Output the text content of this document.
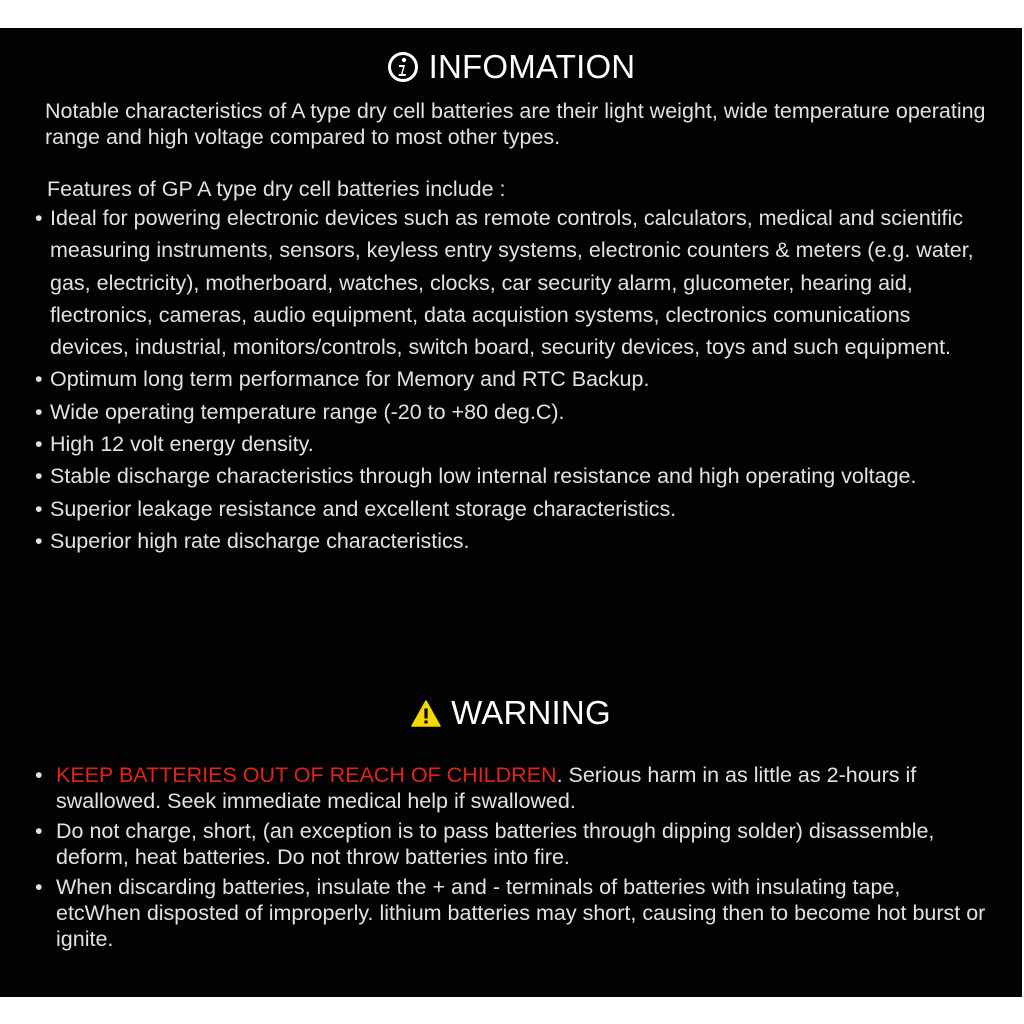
INFOMATION
Notable characteristics of A type dry cell batteries are their light weight, wide temperature operating range and high voltage compared to most other types.
Features of GP A type dry cell batteries include :
• Ideal for powering electronic devices such as remote controls, calculators, medical and scientific measuring instruments, sensors, keyless entry systems, electronic counters & meters (e.g. water, gas, electricity), motherboard, watches, clocks, car security alarm, glucometer, hearing aid, flectronics, cameras, audio equipment, data acquistion systems, clectronics comunications devices, industrial, monitors/controls, switch board, security devices, toys and such equipment.
• Optimum long term performance for Memory and RTC Backup.
• Wide operating temperature range (-20 to +80 deg.C).
• High 12 volt energy density.
• Stable discharge characteristics through low internal resistance and high operating voltage.
• Superior leakage resistance and excellent storage characteristics.
• Superior high rate discharge characteristics.
WARNING
• KEEP BATTERIES OUT OF REACH OF CHILDREN. Serious harm in as little as 2-hours if swallowed. Seek immediate medical help if swallowed.
• Do not charge, short, (an exception is to pass batteries through dipping solder) disassemble, deform, heat batteries. Do not throw batteries into fire.
• When discarding batteries, insulate the + and - terminals of batteries with insulating tape, etcWhen disposted of improperly. lithium batteries may short, causing then to become hot burst or ignite.
